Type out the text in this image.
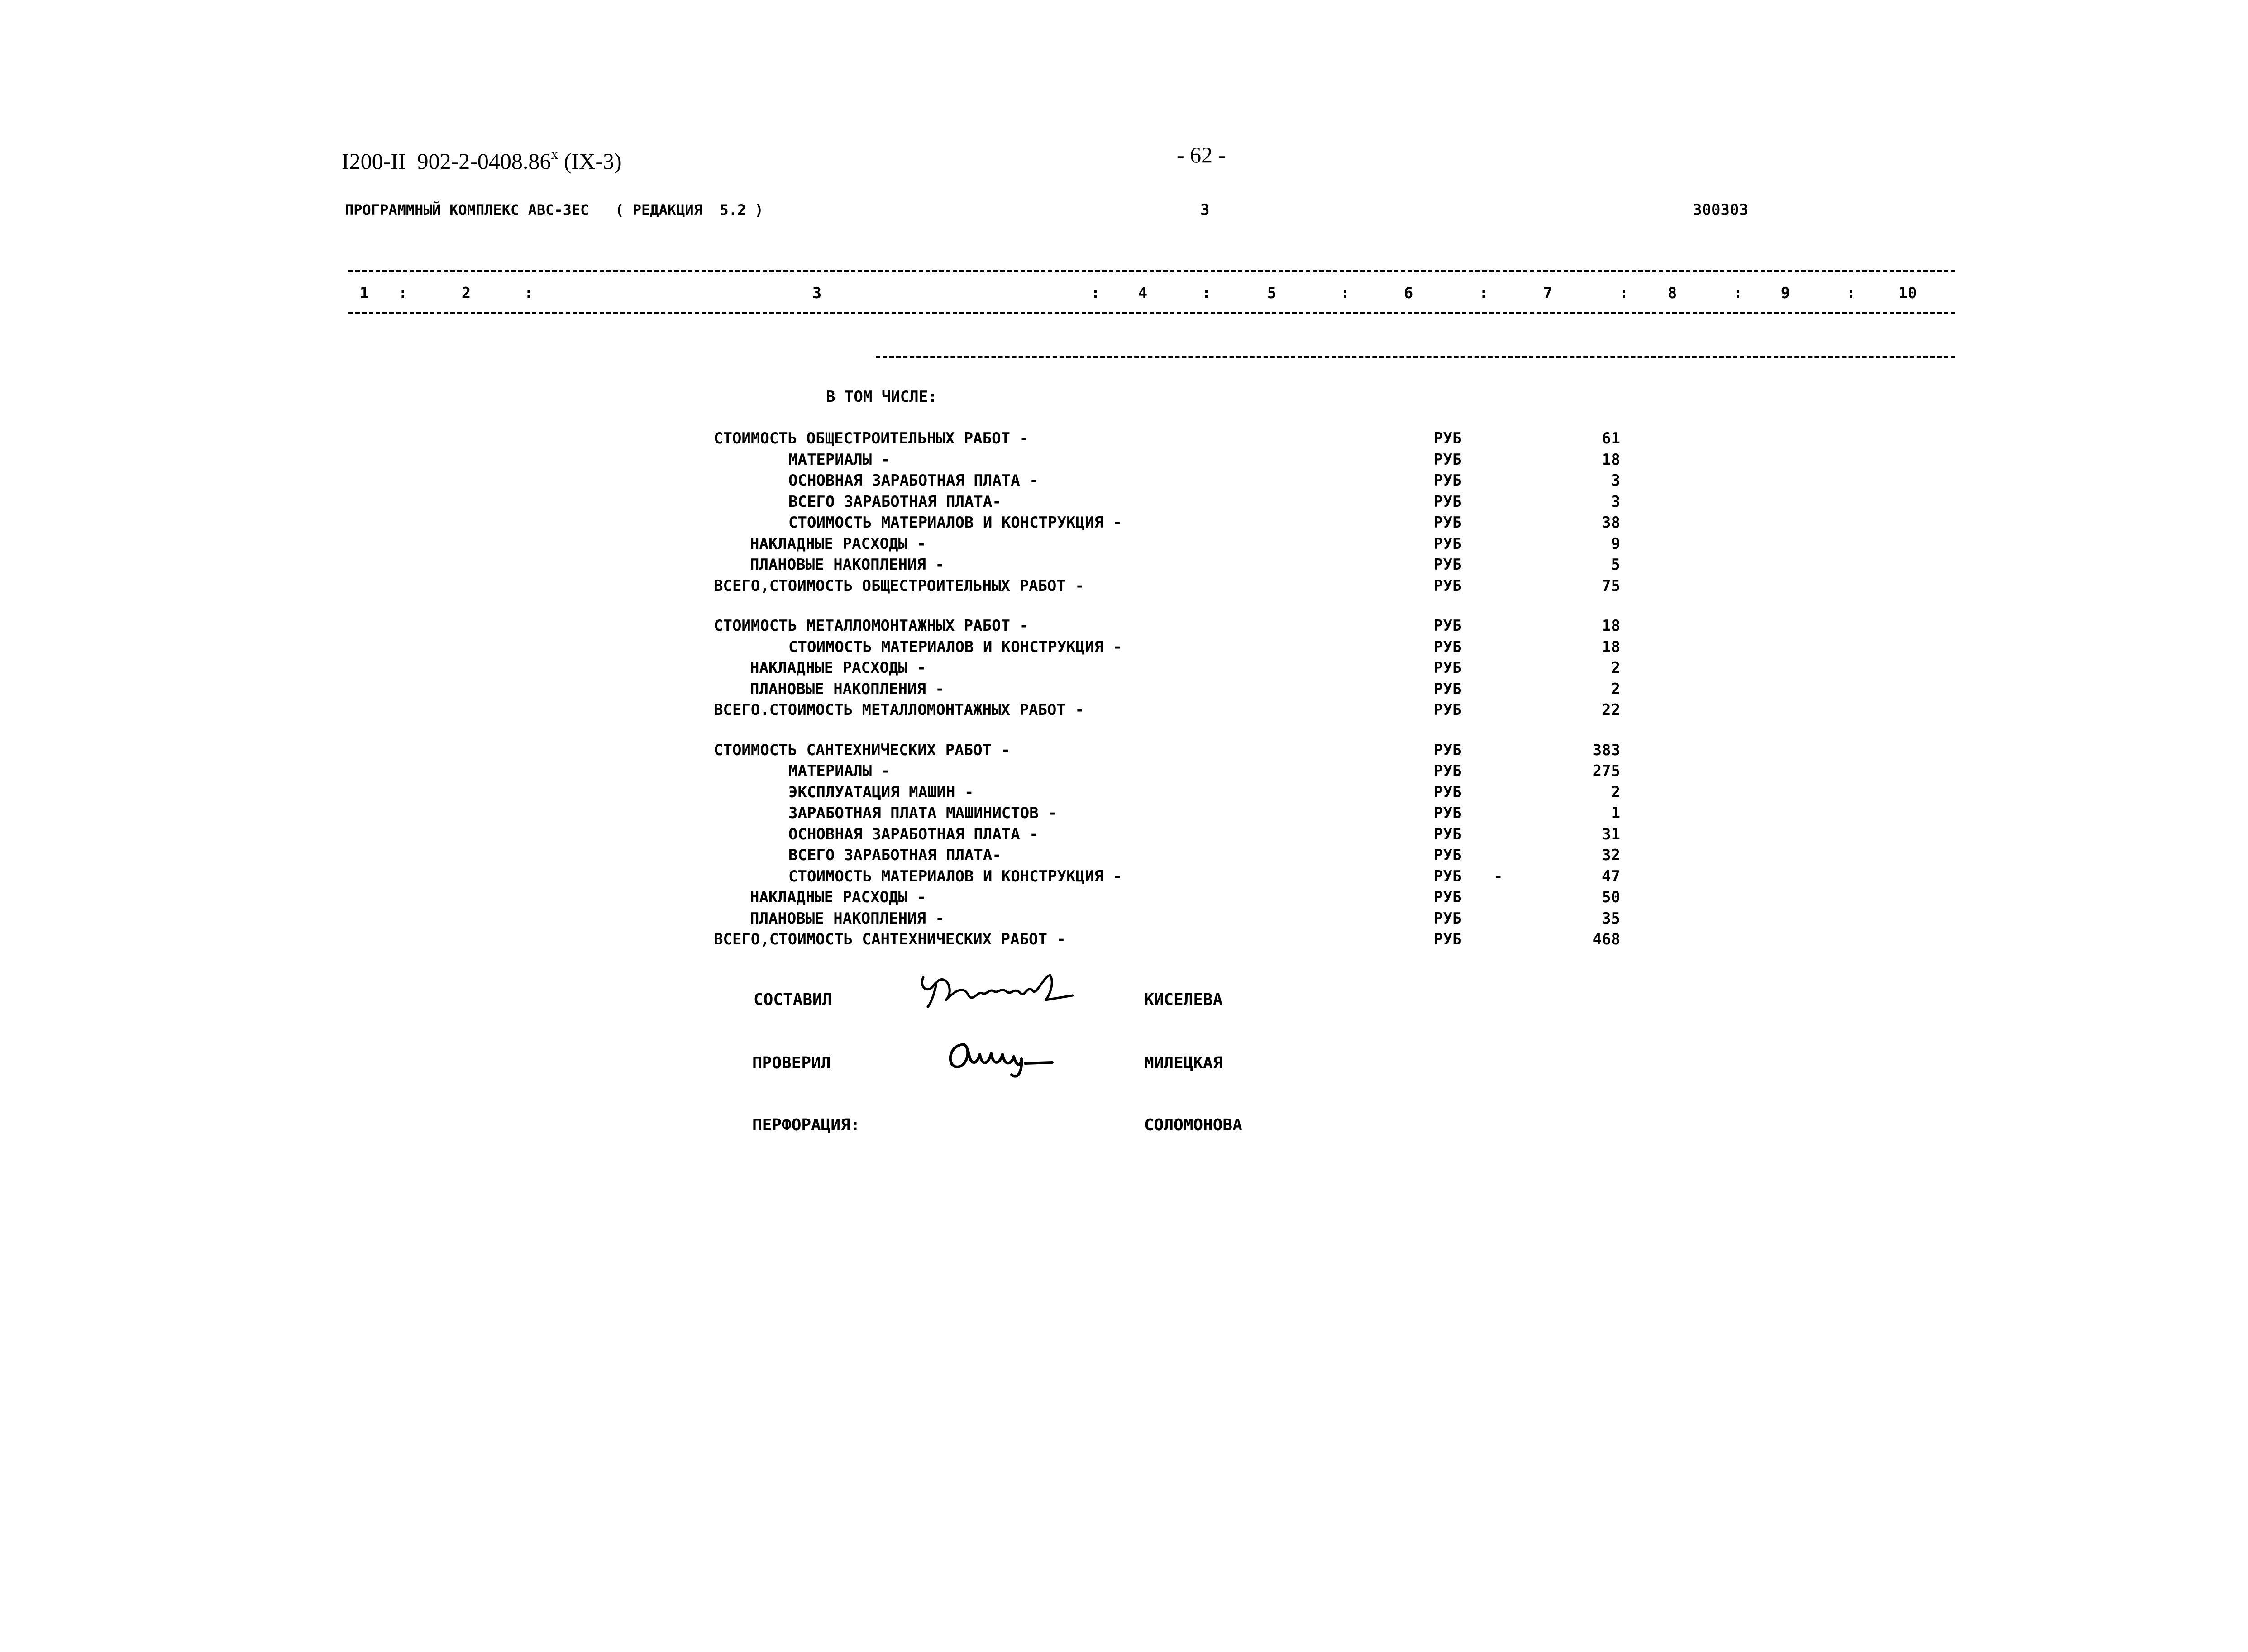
I200-II  902-2-0408.86$^x$ (IX-3)	- 62 -
ПРОГРАММНЫЙ КОМПЛЕКС АВС-3ЕС   ( РЕДАКЦИЯ  5.2 )	3	300303
1	:	2	:	3	:	4	:	5	:	6	:	7	:	8	:	9	:	10
В ТОМ ЧИСЛЕ:
СТОИМОСТЬ ОБЩЕСТРОИТЕЛЬНЫХ РАБОТ -	РУБ	61
МАТЕРИАЛЫ -	РУБ	18
ОСНОВНАЯ ЗАРАБОТНАЯ ПЛАТА -	РУБ	3
ВСЕГО ЗАРАБОТНАЯ ПЛАТА-	РУБ	3
СТОИМОСТЬ МАТЕРИАЛОВ И КОНСТРУКЦИЯ -	РУБ	38
НАКЛАДНЫЕ РАСХОДЫ -	РУБ	9
ПЛАНОВЫЕ НАКОПЛЕНИЯ -	РУБ	5
ВСЕГО,СТОИМОСТЬ ОБЩЕСТРОИТЕЛЬНЫХ РАБОТ -	РУБ	75
СТОИМОСТЬ МЕТАЛЛОМОНТАЖНЫХ РАБОТ -	РУБ	18
СТОИМОСТЬ МАТЕРИАЛОВ И КОНСТРУКЦИЯ -	РУБ	18
НАКЛАДНЫЕ РАСХОДЫ -	РУБ	2
ПЛАНОВЫЕ НАКОПЛЕНИЯ -	РУБ	2
ВСЕГО.СТОИМОСТЬ МЕТАЛЛОМОНТАЖНЫХ РАБОТ -	РУБ	22
СТОИМОСТЬ САНТЕХНИЧЕСКИХ РАБОТ -	РУБ	383
МАТЕРИАЛЫ -	РУБ	275
ЭКСПЛУАТАЦИЯ МАШИН -	РУБ	2
ЗАРАБОТНАЯ ПЛАТА МАШИНИСТОВ -	РУБ	1
ОСНОВНАЯ ЗАРАБОТНАЯ ПЛАТА -	РУБ	31
ВСЕГО ЗАРАБОТНАЯ ПЛАТА-	РУБ	32
СТОИМОСТЬ МАТЕРИАЛОВ И КОНСТРУКЦИЯ -	РУБ -	47
НАКЛАДНЫЕ РАСХОДЫ -	РУБ	50
ПЛАНОВЫЕ НАКОПЛЕНИЯ -	РУБ	35
ВСЕГО,СТОИМОСТЬ САНТЕХНИЧЕСКИХ РАБОТ -	РУБ	468
СОСТАВИЛ	КИСЕЛЕВА
ПРОВЕРИЛ	МИЛЕЦКАЯ
ПЕРФОРАЦИЯ:	СОЛОМОНОВА
